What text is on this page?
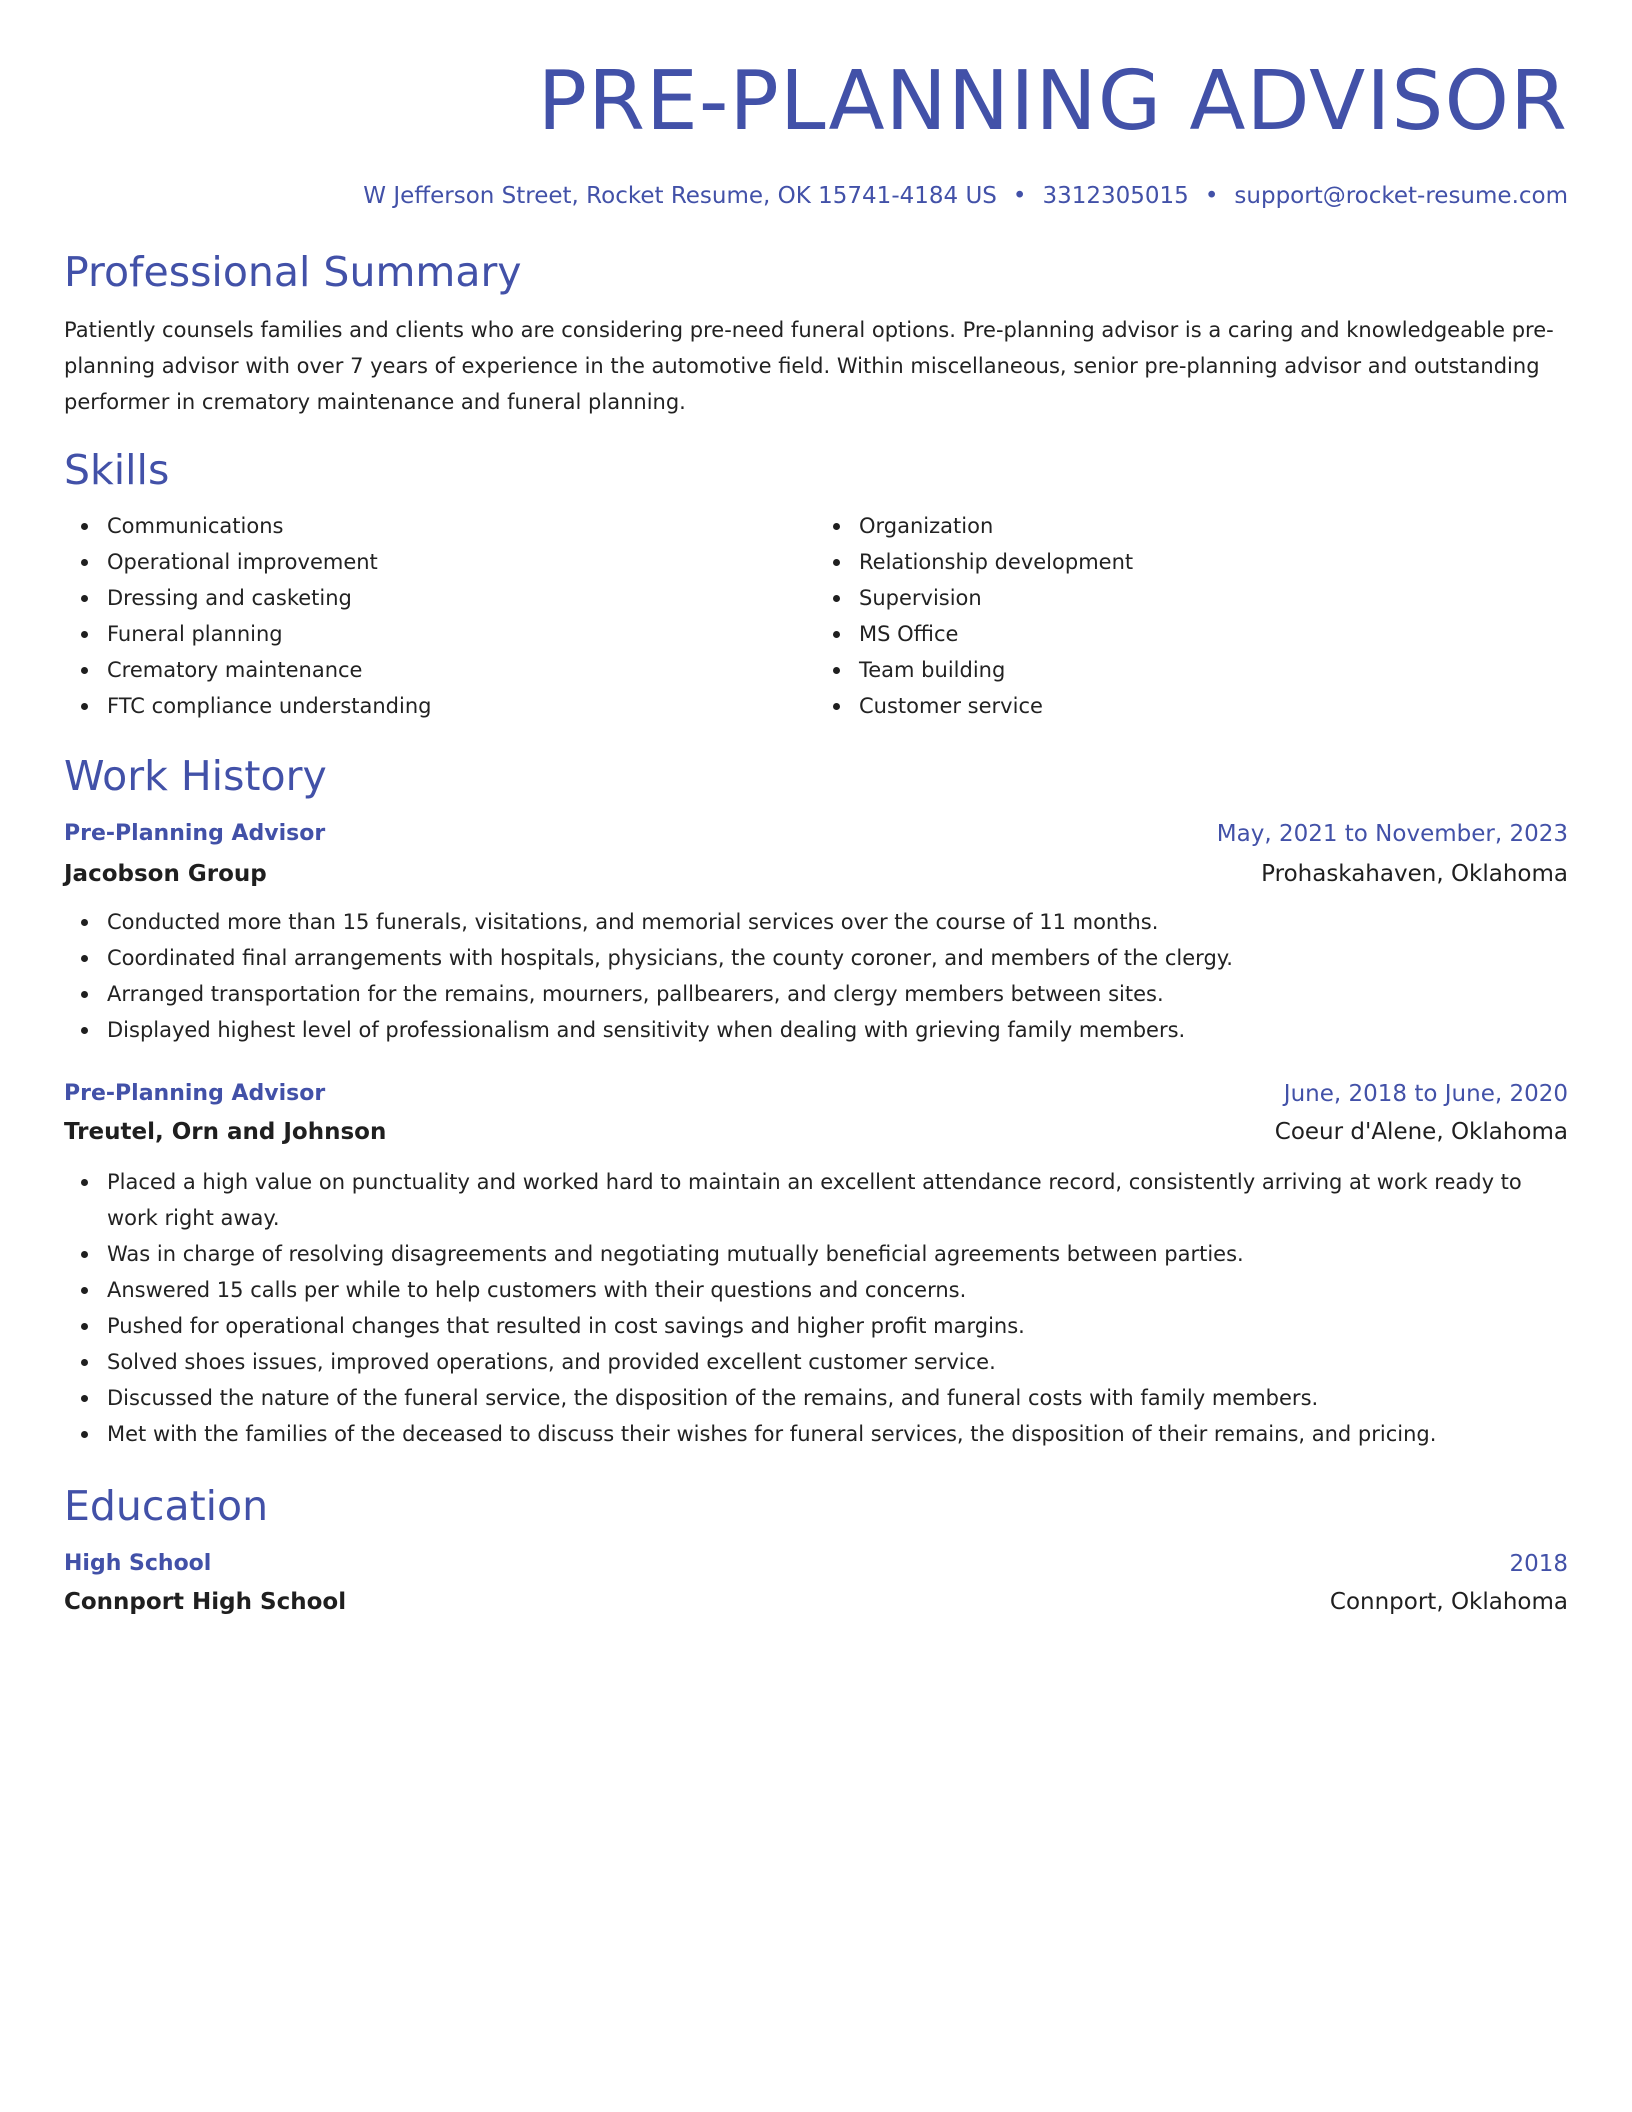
PRE-PLANNING ADVISOR
W Jefferson Street, Rocket Resume, OK 15741-4184 US • 3312305015 • support@rocket-resume.com
Professional Summary

Patiently counsels families and clients who are considering pre-need funeral options. Pre-planning advisor is a caring and knowledgeable pre-planning advisor with over 7 years of experience in the automotive field. Within miscellaneous, senior pre-planning advisor and outstanding performer in crematory maintenance and funeral planning.

Skills
Communications
Operational improvement
Dressing and casketing
Funeral planning
Crematory maintenance
FTC compliance understanding
Organization
Relationship development
Supervision
MS Office
Team building
Customer service
Work History
Pre-Planning Advisor	May, 2021 to November, 2023
Jacobson Group	Prohaskahaven, Oklahoma
Conducted more than 15 funerals, visitations, and memorial services over the course of 11 months.
Coordinated final arrangements with hospitals, physicians, the county coroner, and members of the clergy.
Arranged transportation for the remains, mourners, pallbearers, and clergy members between sites.
Displayed highest level of professionalism and sensitivity when dealing with grieving family members.
Pre-Planning Advisor	June, 2018 to June, 2020
Treutel, Orn and Johnson	Coeur d'Alene, Oklahoma
Placed a high value on punctuality and worked hard to maintain an excellent attendance record, consistently arriving at work ready to work right away.
Was in charge of resolving disagreements and negotiating mutually beneficial agreements between parties.
Answered 15 calls per while to help customers with their questions and concerns.
Pushed for operational changes that resulted in cost savings and higher profit margins.
Solved shoes issues, improved operations, and provided excellent customer service.
Discussed the nature of the funeral service, the disposition of the remains, and funeral costs with family members.
Met with the families of the deceased to discuss their wishes for funeral services, the disposition of their remains, and pricing.
Education
High School	2018
Connport High School	Connport, Oklahoma
